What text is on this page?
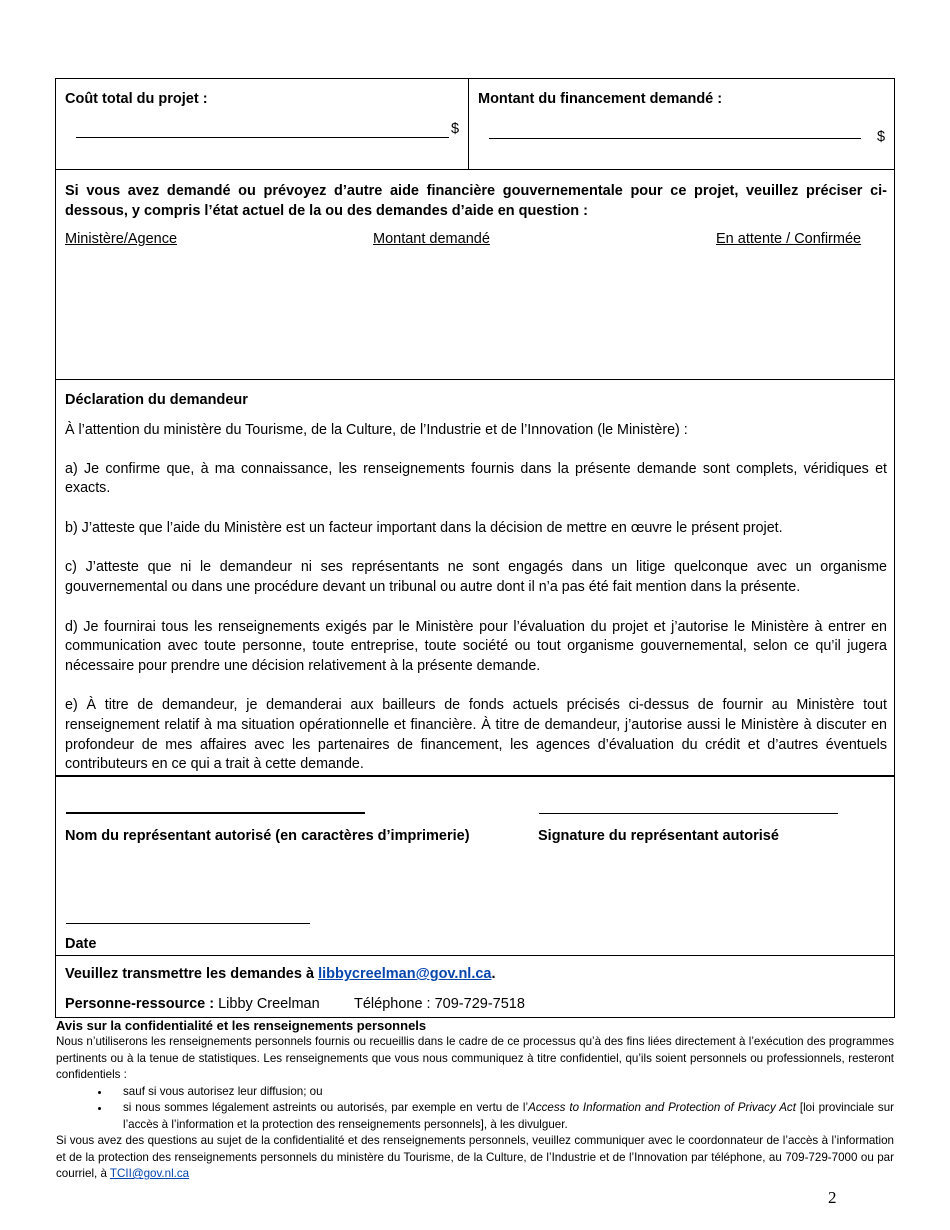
Coût total du projet :
$
Montant du financement demandé :
$

Si vous avez demandé ou prévoyez d’autre aide financière gouvernementale pour ce projet, veuillez préciser ci-dessous, y compris l’état actuel de la ou des demandes d’aide en question :

Ministère/Agence	Montant demandé	En attente / Confirmée

Déclaration du demandeur

À l’attention du ministère du Tourisme, de la Culture, de l’Industrie et de l’Innovation (le Ministère) :

a) Je confirme que, à ma connaissance, les renseignements fournis dans la présente demande sont complets, véridiques et exacts.

b) J’atteste que l’aide du Ministère est un facteur important dans la décision de mettre en œuvre le présent projet.

c) J’atteste que ni le demandeur ni ses représentants ne sont engagés dans un litige quelconque avec un organisme gouvernemental ou dans une procédure devant un tribunal ou autre dont il n’a pas été fait mention dans la présente.

d) Je fournirai tous les renseignements exigés par le Ministère pour l’évaluation du projet et j’autorise le Ministère à entrer en communication avec toute personne, toute entreprise, toute société ou tout organisme gouvernemental, selon ce qu’il jugera nécessaire pour prendre une décision relativement à la présente demande.

e) À titre de demandeur, je demanderai aux bailleurs de fonds actuels précisés ci-dessus de fournir au Ministère tout renseignement relatif à ma situation opérationnelle et financière. À titre de demandeur, j’autorise aussi le Ministère à discuter en profondeur de mes affaires avec les partenaires de financement, les agences d’évaluation du crédit et d’autres éventuels contributeurs en ce qui a trait à cette demande.

Nom du représentant autorisé (en caractères d’imprimerie)	Signature du représentant autorisé
Date

Veuillez transmettre les demandes à libbycreelman@gov.nl.ca.

Personne-ressource : Libby Creelman Téléphone : 709-729-7518

Avis sur la confidentialité et les renseignements personnels

Nous n’utiliserons les renseignements personnels fournis ou recueillis dans le cadre de ce processus qu’à des fins liées directement à l’exécution des programmes pertinents ou à la tenue de statistiques. Les renseignements que vous nous communiquez à titre confidentiel, qu’ils soient personnels ou professionnels, resteront confidentiels :

• sauf si vous autorisez leur diffusion; ou
• si nous sommes légalement astreints ou autorisés, par exemple en vertu de l’Access to Information and Protection of Privacy Act [loi provinciale sur l’accès à l’information et la protection des renseignements personnels], à les divulguer.

Si vous avez des questions au sujet de la confidentialité et des renseignements personnels, veuillez communiquer avec le coordonnateur de l’accès à l’information et de la protection des renseignements personnels du ministère du Tourisme, de la Culture, de l’Industrie et de l’Innovation par téléphone, au 709-729-7000 ou par courriel, à TCII@gov.nl.ca

2
